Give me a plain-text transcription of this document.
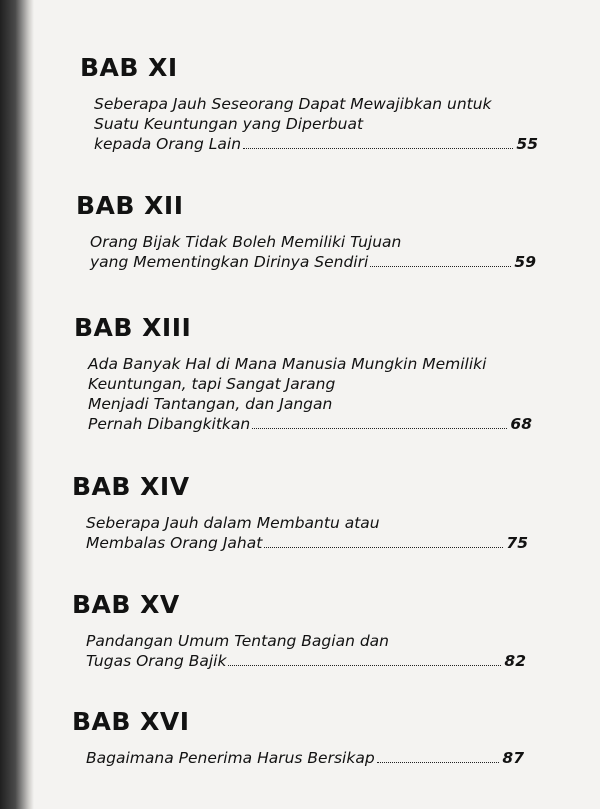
BAB XI
Seberapa Jauh Seseorang Dapat Mewajibkan untuk
Suatu Keuntungan yang Diperbuat
kepada Orang Lain	55
BAB XII
Orang Bijak Tidak Boleh Memiliki Tujuan
yang Mementingkan Dirinya Sendiri	59
BAB XIII
Ada Banyak Hal di Mana Manusia Mungkin Memiliki
Keuntungan, tapi Sangat Jarang
Menjadi Tantangan, dan Jangan
Pernah Dibangkitkan	68
BAB XIV
Seberapa Jauh dalam Membantu atau
Membalas Orang Jahat	75
BAB XV
Pandangan Umum Tentang Bagian dan
Tugas Orang Bajik	82
BAB XVI
Bagaimana Penerima Harus Bersikap	87
